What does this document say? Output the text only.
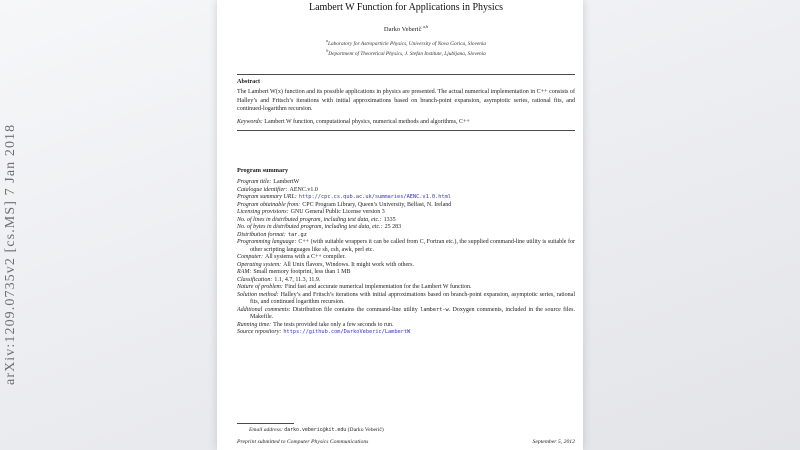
arXiv:1209.0735v2 [cs.MS] 7 Jan 2018
Lambert W Function for Applications in Physics
Darko Veberič $^{a,b}$
$^a$Laboratory for Astroparticle Physics, University of Nova Gorica, Slovenia
$^b$Department of Theoretical Physics, J. Stefan Institute, Ljubljana, Slovenia
Abstract
The Lambert W(x) function and its possible applications in physics are presented. The actual numerical implementation in C++ consists of Halley’s and Fritsch’s iterations with initial approximations based on branch-point expansion, asymptotic series, rational fits, and continued-logarithm recursion.
Keywords: Lambert W function, computational physics, numerical methods and algorithms, C++
Program summary
Program title: LambertW
Catalogue identifier: AENC.v1.0
Program summary URL: http://cpc.cs.qub.ac.uk/summaries/AENC.v1.0.html
Program obtainable from: CPC Program Library, Queen’s University, Belfast, N. Ireland
Licensing provisions: GNU General Public License version 3
No. of lines in distributed program, including test data, etc.: 1335
No. of bytes in distributed program, including test data, etc.: 25 283
Distribution format: tar.gz
Programming language: C++ (with suitable wrappers it can be called from C, Fortran etc.), the supplied command-line utility is suitable for other scripting languages like sh, csh, awk, perl etc.
Computer: All systems with a C++ compiler.
Operating system: All Unix flavors, Windows. It might work with others.
RAM: Small memory footprint, less than 1 MB
Classification: 1.1, 4.7, 11.3, 11.9.
Nature of problem: Find fast and accurate numerical implementation for the Lambert W function.
Solution method: Halley’s and Fritsch’s iterations with initial approximations based on branch-point expansion, asymptotic series, rational fits, and continued logarithm recursion.
Additional comments: Distribution file contains the command-line utility lambert-w. Doxygen comments, included in the source files. Makefile.
Running time: The tests provided take only a few seconds to run.
Source repository: https://github.com/DarkoVeberic/LambertW
Email address: darko.veberic@kit.edu (Darko Veberič)
Preprint submitted to Computer Physics Communications	September 5, 2012
